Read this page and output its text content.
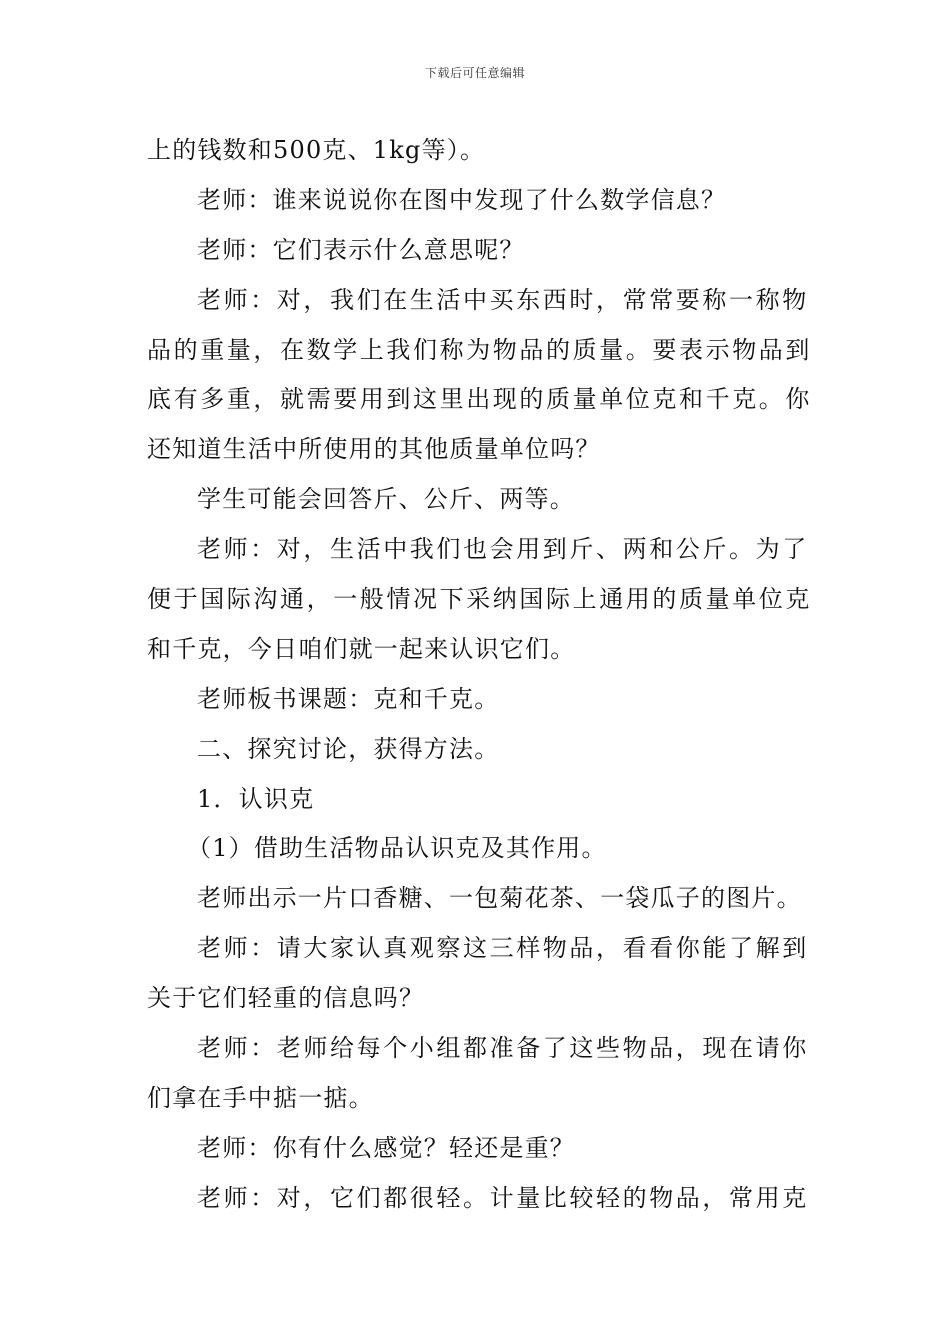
下载后可任意编辑
上的钱数和500克、1kg等）。
老师：谁来说说你在图中发现了什么数学信息？
老师：它们表示什么意思呢？
老师：对，我们在生活中买东西时，常常要称一称物
品的重量，在数学上我们称为物品的质量。要表示物品到
底有多重，就需要用到这里出现的质量单位克和千克。你
还知道生活中所使用的其他质量单位吗？
学生可能会回答斤、公斤、两等。
老师：对，生活中我们也会用到斤、两和公斤。为了
便于国际沟通，一般情况下采纳国际上通用的质量单位克
和千克，今日咱们就一起来认识它们。
老师板书课题：克和千克。
二、探究讨论，获得方法。
1．认识克
（1）借助生活物品认识克及其作用。
老师出示一片口香糖、一包菊花茶、一袋瓜子的图片。
老师：请大家认真观察这三样物品，看看你能了解到
关于它们轻重的信息吗？
老师：老师给每个小组都准备了这些物品，现在请你
们拿在手中掂一掂。
老师：你有什么感觉？轻还是重？
老师：对，它们都很轻。计量比较轻的物品，常用克
